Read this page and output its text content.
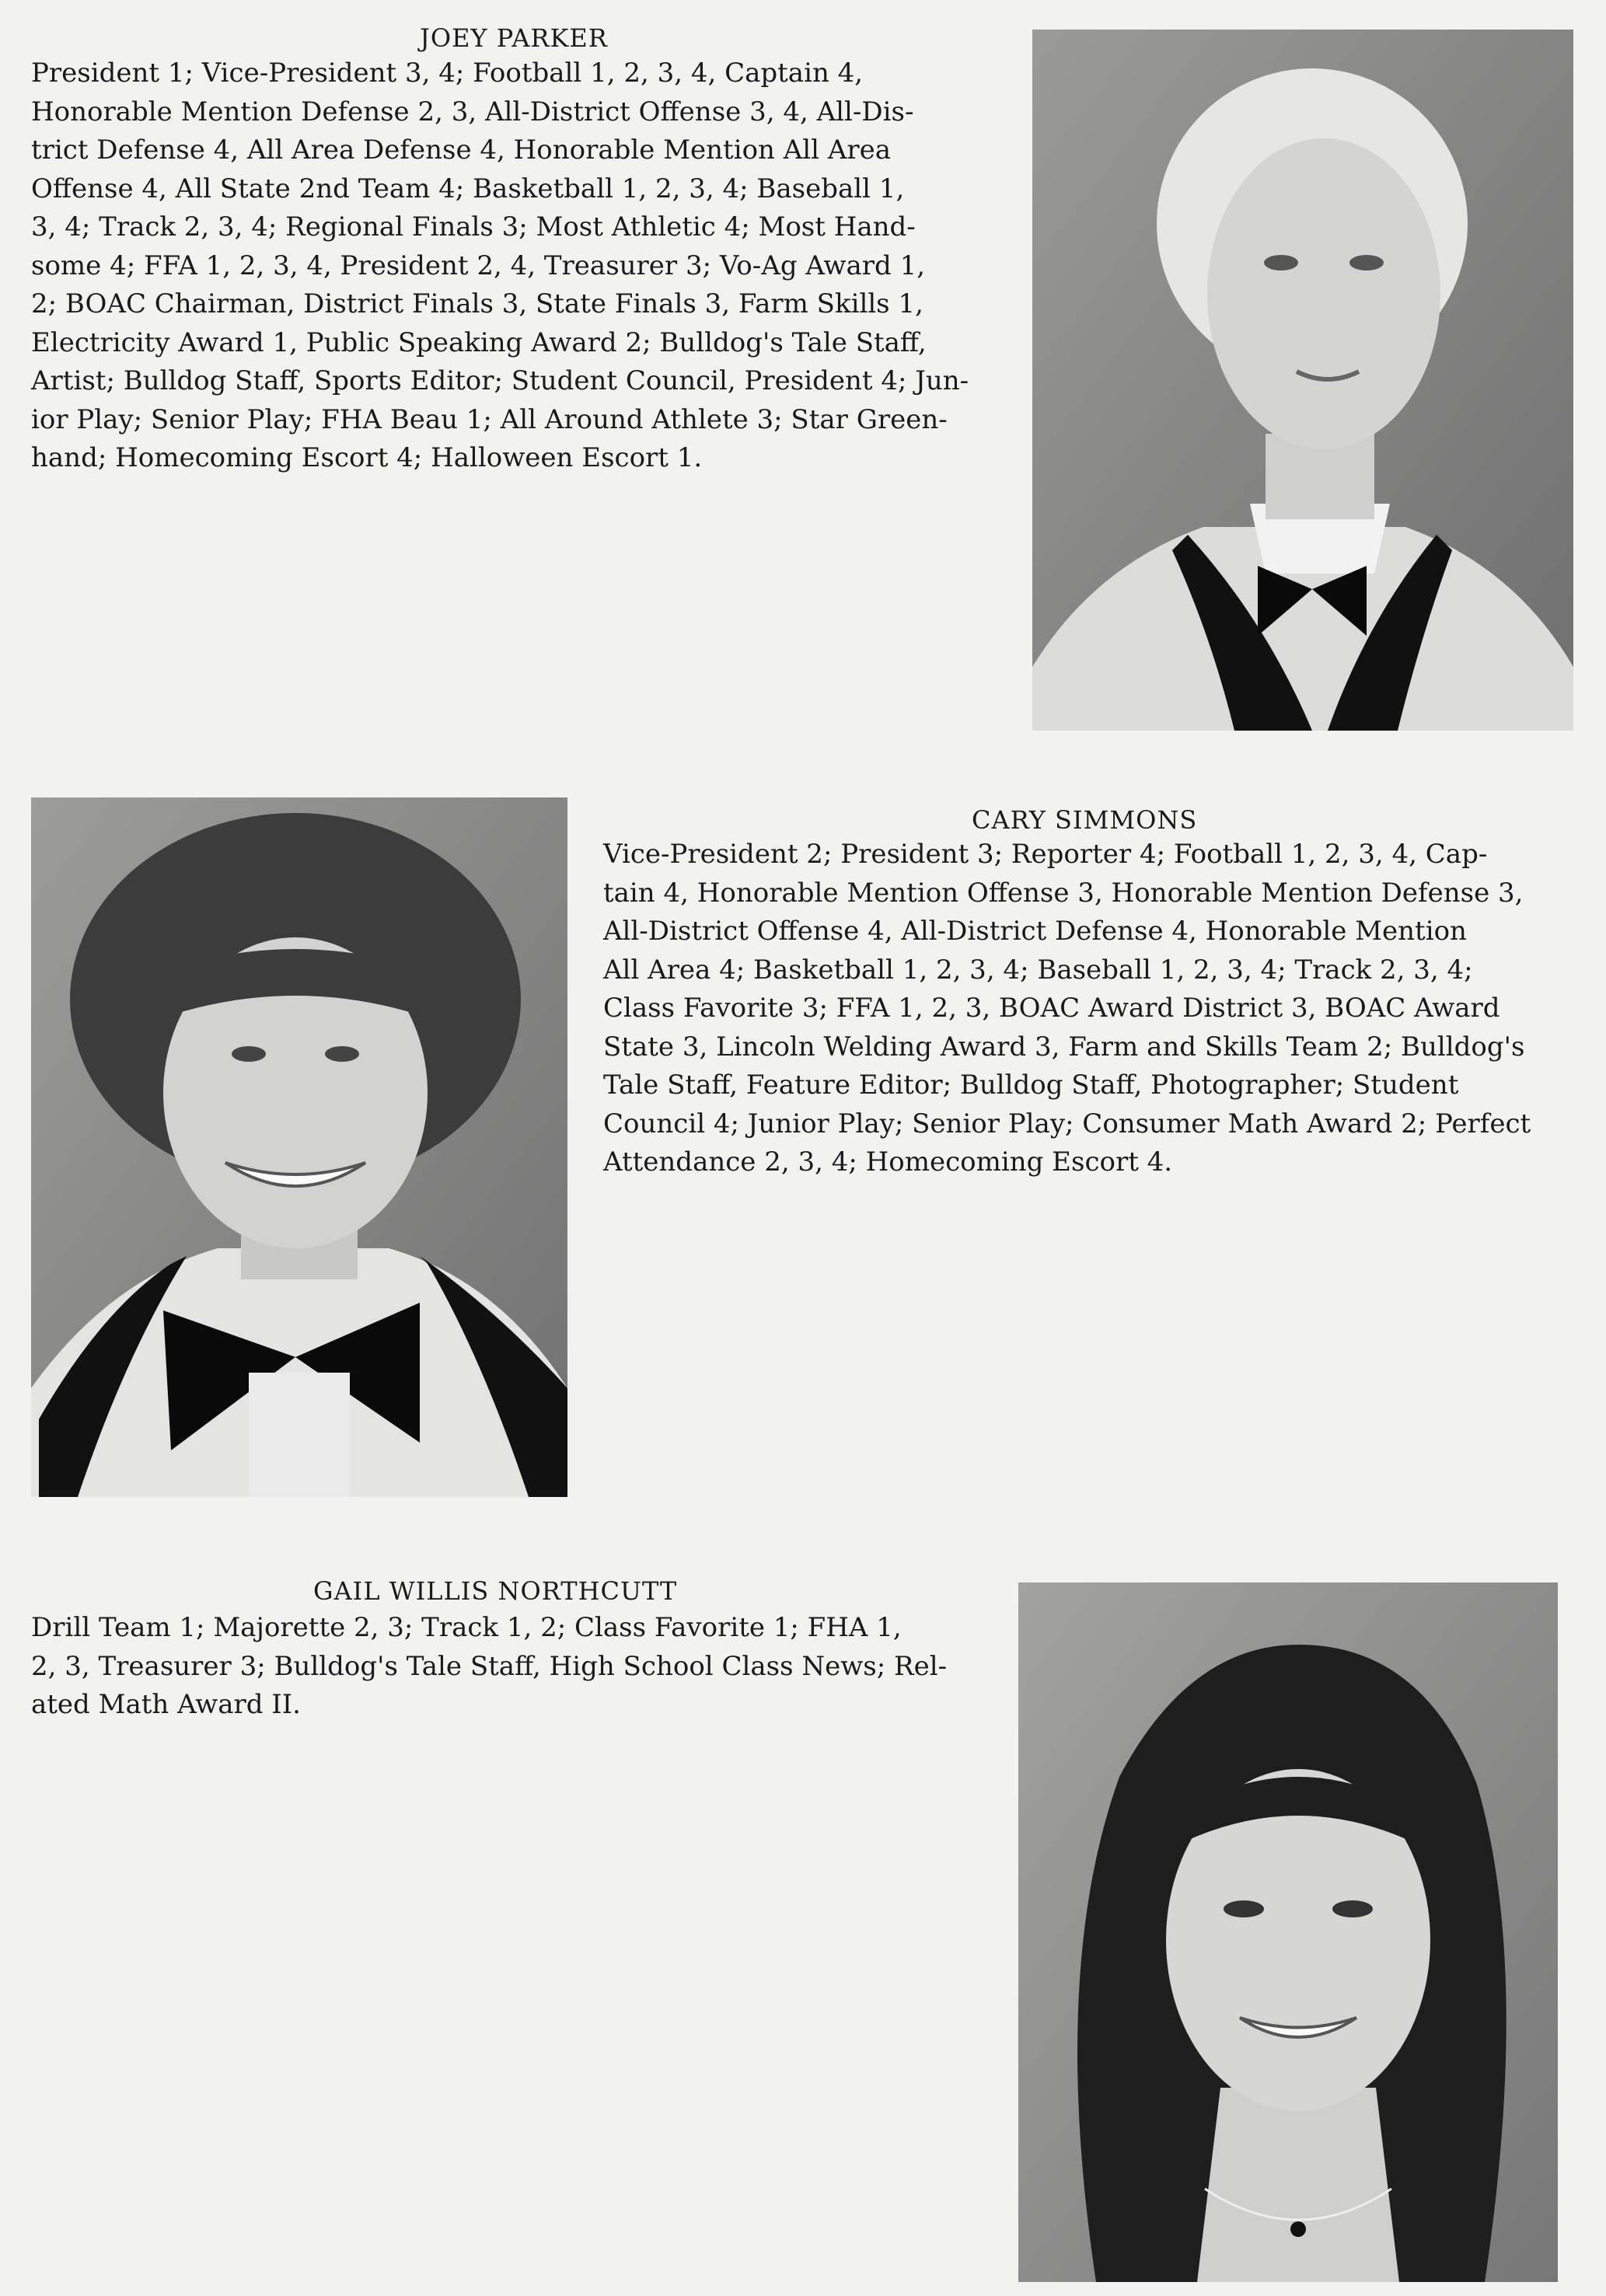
JOEY PARKER

President 1; Vice-President 3, 4; Football 1, 2, 3, 4, Captain 4,
Honorable Mention Defense 2, 3, All-District Offense 3, 4, All-Dis-
trict Defense 4, All Area Defense 4, Honorable Mention All Area
Offense 4, All State 2nd Team 4; Basketball 1, 2, 3, 4; Baseball 1,
3, 4; Track 2, 3, 4; Regional Finals 3; Most Athletic 4; Most Hand-
some 4; FFA 1, 2, 3, 4, President 2, 4, Treasurer 3; Vo-Ag Award 1,
2; BOAC Chairman, District Finals 3, State Finals 3, Farm Skills 1,
Electricity Award 1, Public Speaking Award 2; Bulldog's Tale Staff,
Artist; Bulldog Staff, Sports Editor; Student Council, President 4; Jun-
ior Play; Senior Play; FHA Beau 1; All Around Athlete 3; Star Green-
hand; Homecoming Escort 4; Halloween Escort 1.

CARY SIMMONS

Vice-President 2; President 3; Reporter 4; Football 1, 2, 3, 4, Cap-
tain 4, Honorable Mention Offense 3, Honorable Mention Defense 3,
All-District Offense 4, All-District Defense 4, Honorable Mention
All Area 4; Basketball 1, 2, 3, 4; Baseball 1, 2, 3, 4; Track 2, 3, 4;
Class Favorite 3; FFA 1, 2, 3, BOAC Award District 3, BOAC Award
State 3, Lincoln Welding Award 3, Farm and Skills Team 2; Bulldog's
Tale Staff, Feature Editor; Bulldog Staff, Photographer; Student
Council 4; Junior Play; Senior Play; Consumer Math Award 2; Perfect
Attendance 2, 3, 4; Homecoming Escort 4.

GAIL WILLIS NORTHCUTT

Drill Team 1; Majorette 2, 3; Track 1, 2; Class Favorite 1; FHA 1,
2, 3, Treasurer 3; Bulldog's Tale Staff, High School Class News; Rel-
ated Math Award II.
